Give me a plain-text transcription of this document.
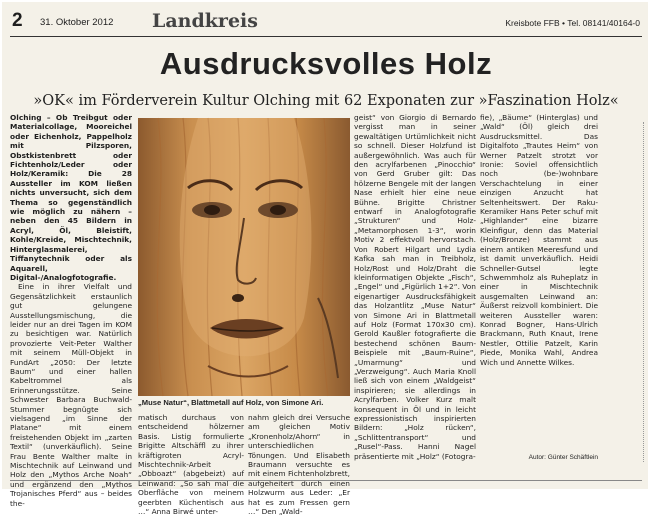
2 31. Oktober 2012 Landkreis	Kreisbote FFB • Tel. 08141/40164-0
Ausdrucksvolles Holz
»OK« im Förderverein Kultur Olching mit 62 Exponaten zur »Faszination Holz«

Olching – Ob Treibgut oder Materialcollage, Mooreichel oder Eichenholz, Pappelholz mit Pilzsporen, Obstkistenbrett oder Fichtenholz/Leder oder Holz/Keramik: Die 28 Aussteller im KOM ließen nichts unversucht, sich dem Thema so gegenständlich wie möglich zu nähern – neben den 45 Bildern in Acryl, Öl, Bleistift, Kohle/Kreide, Mischtechnik, Hinterglasmalerei, Tiffanytechnik oder als Aquarell, Digital-/Analogfotografie.

Eine in ihrer Vielfalt und Gegensätzlichkeit erstaunlich gut gelungene Ausstellungsmischung, die leider nur an drei Tagen im KOM zu besichtigen war. Natürlich provozierte Veit-Peter Walther mit seinem Müll-Objekt in FundArt „2050: Der letzte Baum“ und einer hallen Kabeltrommel als Erinnerungsstütze. Seine Schwester Barbara Buchwald-Stummer begnügte sich vielsagend „im Sinne der Platane“ mit einem freistehenden Objekt im „zarten Textil“ (unverkäuflich). Seine Frau Bente Walther malte in Mischtechnik auf Leinwand und Holz den „Mythos Arche Noah“ und ergänzend den „Mythos Trojanisches Pferd“ aus – beides the-

„Muse Natur“, Blattmetall auf Holz, von Simone Ari.

matisch durchaus von entscheidend hölzerner Basis. Listig formulierte Brigitte Altschäffl zu ihrer kräftigroten Acryl-Mischtechnik-Arbeit „Obboazt“ (abgebeizt) auf Leinwand: „So sah mal die Oberfläche von meinem geerbten Küchentisch aus …“ Anna Birwé unter-

nahm gleich drei Versuche am gleichen Motiv „Kronenholz/Ahorn“ in unterschiedlichen Tönungen. Und Elisabeth Braumann versuchte es mit einem Fichtenholzbrett, aufgeheitert durch einen Holzwurm aus Leder: „Er hat es zum Fressen gern …“ Den „Wald-

geist“ von Giorgio di Bernardo vergisst man in seiner gewaltätigen Urtümlichkeit nicht so schnell. Dieser Holzfund ist außergewöhnlich. Was auch für den acrylfarbenen „Pinocchio“ von Gerd Gruber gilt: Das hölzerne Bengele mit der langen Nase erhielt hier eine neue Bühne. Brigitte Christner entwarf in Analogfotografie „Strukturen“ und Holz-„Metamorphosen 1-3“, worin Motiv 2 effektvoll hervorstach. Von Robert Hilgart und Lydia Kafka sah man in Treibholz, Holz/Rost und Holz/Draht die kleinformatigen Objekte „Fisch“, „Engel“ und „Figürlich 1+2“. Von eigenartiger Ausdrucksfähigkeit das Holzantlitz „Muse Natur“ von Simone Ari in Blattmetall auf Holz (Format 170x30 cm). Gerold Kaußler fotografierte die bestechend schönen Baum-Beispiele mit „Baum-Ruine“, „Umarmung“ und „Verzweigung“. Auch Maria Knoll ließ sich von einem „Waldgeist“ inspirieren; sie allerdings in Acrylfarben. Volker Kurz malt konsequent in Öl und in leicht expressionistisch inspirierten Bildern: „Holz rücken“, „Schlittentransport“ und „Rusel“-Pass. Hanni Nagel präsentierte mit „Holz“ (Fotogra-

fie), „Bäume“ (Hinterglas) und „Wald“ (Öl) gleich drei Ausdrucksmittel. Das Digitalfoto „Trautes Heim“ von Werner Patzelt strotzt vor Ironie: Soviel offensichtlich noch (be-)wohnbare Verschachtelung in einer einzigen Anzucht hat Seltenheitswert. Der Raku-Keramiker Hans Peter schuf mit „Highlander“ eine bizarre Kleinfigur, denn das Material (Holz/Bronze) stammt aus einem antiken Meeresfund und ist damit unverkäuflich. Heidi Schneller-Gutsel legte Schwemmholz als Ruheplatz in einer in Mischtechnik ausgemalten Leinwand an: Äußerst reizvoll kombiniert. Die weiteren Aussteller waren: Konrad Bogner, Hans-Ulrich Brackmann, Ruth Knaut, Irene Nestler, Ottilie Patzelt, Karin Piede, Monika Wahl, Andrea Wich und Annette Wilkes.

Autor: Günter Schäftlein
